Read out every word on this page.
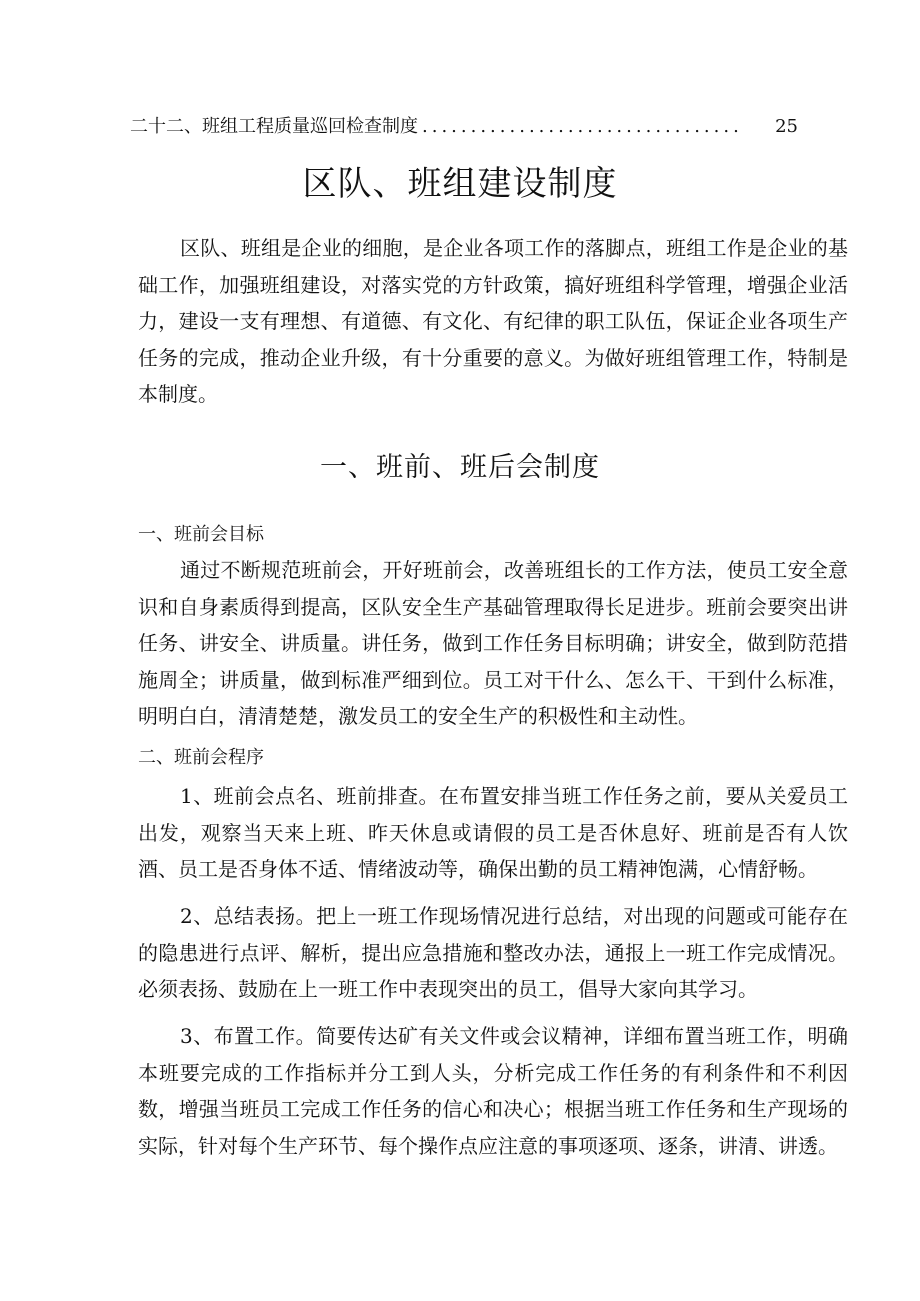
二十二、班组工程质量巡回检查制度 .................................	25
区队、班组建设制度
区队、班组是企业的细胞，是企业各项工作的落脚点，班组工作是企业的基础工作，加强班组建设，对落实党的方针政策，搞好班组科学管理，增强企业活力，建设一支有理想、有道德、有文化、有纪律的职工队伍，保证企业各项生产任务的完成，推动企业升级，有十分重要的意义。为做好班组管理工作，特制是本制度。
一、班前、班后会制度
一、班前会目标
通过不断规范班前会，开好班前会，改善班组长的工作方法，使员工安全意识和自身素质得到提高，区队安全生产基础管理取得长足进步。班前会要突出讲任务、讲安全、讲质量。讲任务，做到工作任务目标明确；讲安全，做到防范措施周全；讲质量，做到标准严细到位。员工对干什么、怎么干、干到什么标准，明明白白，清清楚楚，激发员工的安全生产的积极性和主动性。
二、班前会程序
1、班前会点名、班前排查。在布置安排当班工作任务之前，要从关爱员工出发，观察当天来上班、昨天休息或请假的员工是否休息好、班前是否有人饮酒、员工是否身体不适、情绪波动等，确保出勤的员工精神饱满，心情舒畅。
2、总结表扬。把上一班工作现场情况进行总结，对出现的问题或可能存在的隐患进行点评、解析，提出应急措施和整改办法，通报上一班工作完成情况。必须表扬、鼓励在上一班工作中表现突出的员工，倡导大家向其学习。
3、布置工作。简要传达矿有关文件或会议精神，详细布置当班工作，明确本班要完成的工作指标并分工到人头，分析完成工作任务的有利条件和不利因数，增强当班员工完成工作任务的信心和决心；根据当班工作任务和生产现场的实际，针对每个生产环节、每个操作点应注意的事项逐项、逐条，讲清、讲透。
